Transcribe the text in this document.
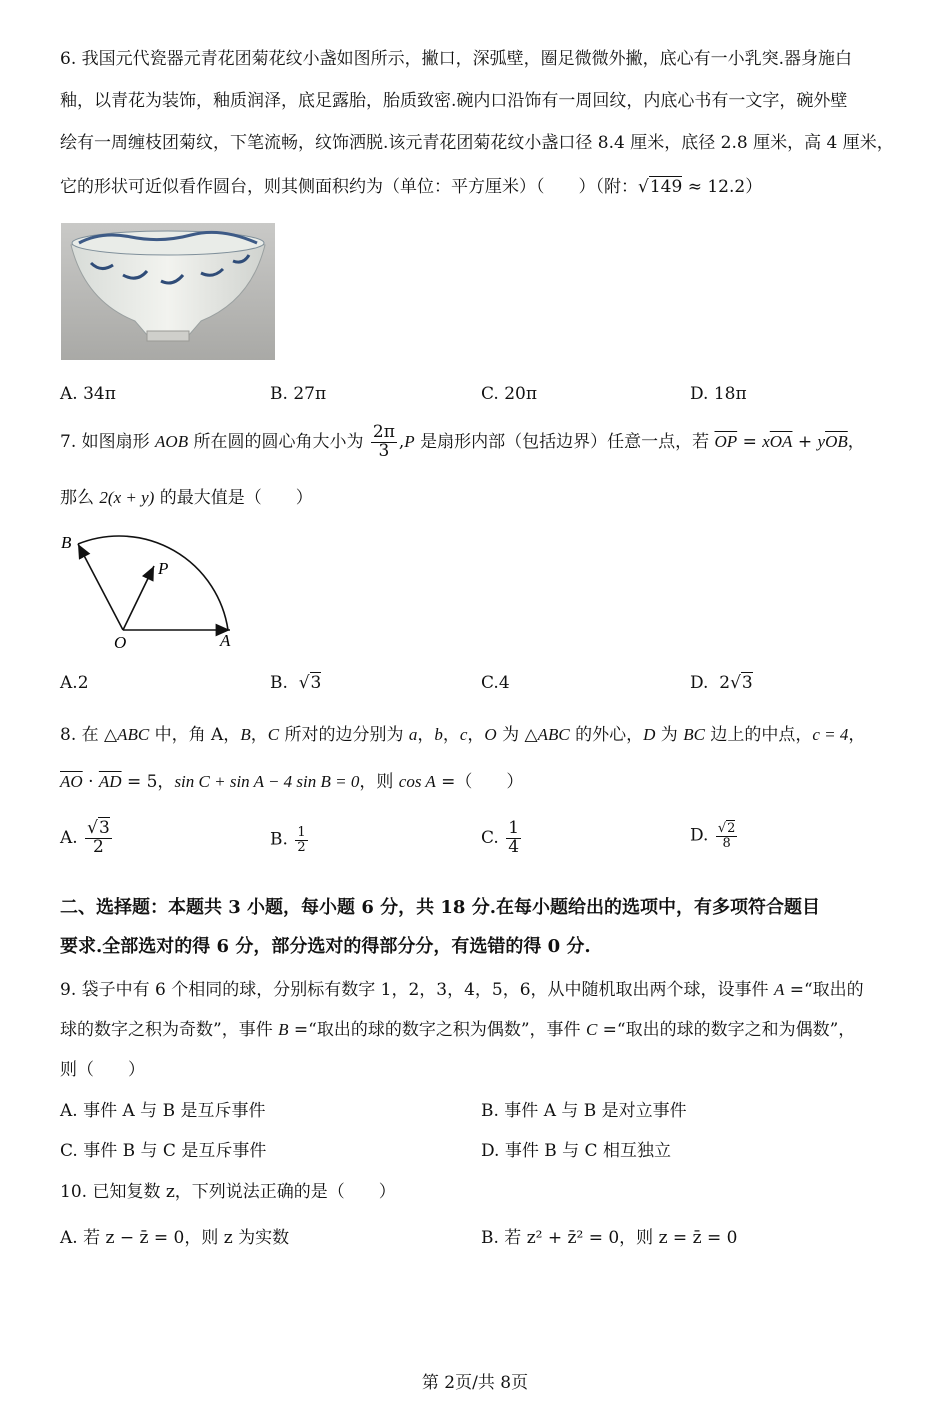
6. 我国元代瓷器元青花团菊花纹小盏如图所示，撇口，深弧壁，圈足微微外撇，底心有一小乳突.器身施白
釉，以青花为装饰，釉质润泽，底足露胎，胎质致密.碗内口沿饰有一周回纹，内底心书有一文字，碗外壁
绘有一周缠枝团菊纹，下笔流畅，纹饰洒脱.该元青花团菊花纹小盏口径 8.4 厘米，底径 2.8 厘米，高 4 厘米，
它的形状可近似看作圆台，则其侧面积约为（单位：平方厘米）（　　）（附：√149 ≈ 12.2）
A. 34π	B. 27π	C. 20π	D. 18π
7. 如图扇形 AOB 所在圆的圆心角大小为 $\frac{2\pi}{3} ,P$ 是扇形内部（包括边界）任意一点，若 $\overline{OP} = x\overline{OA} + y\overline{OB}$，
那么 2(x + y) 的最大值是（　　）
B
P
O	A
A.2	B.  √3	C.4	D. 2√3
8. 在 △ABC 中，角 A，B，C 所对的边分别为 a，b，c，O 为 △ABC 的外心，D 为 BC 边上的中点，c = 4，
$\overline{AO} \cdot \overline{AD} = 5$，sin C + sin A − 4 sin B = 0，则 cos A =（　　）
A. $\frac{√3}{2}$	B. $\frac{1}{2}$	C. $\frac{1}{4}$	D. $\frac{√2}{8}$
二、选择题：本题共 3 小题，每小题 6 分，共 18 分.在每小题给出的选项中，有多项符合题目
要求.全部选对的得 6 分，部分选对的得部分分，有选错的得 0 分.
9. 袋子中有 6 个相同的球，分别标有数字 1，2，3，4，5，6，从中随机取出两个球，设事件 A =“取出的
球的数字之积为奇数”，事件 B =“取出的球的数字之积为偶数”，事件 C =“取出的球的数字之和为偶数”，
则（　　）
A. 事件 A 与 B 是互斥事件	B. 事件 A 与 B 是对立事件
C. 事件 B 与 C 是互斥事件	D. 事件 B 与 C 相互独立
10. 已知复数 z，下列说法正确的是（　　）
A. 若 z − z̄ = 0，则 z 为实数	B. 若 z² + z̄² = 0，则 z = z̄ = 0
第 2页/共 8页
